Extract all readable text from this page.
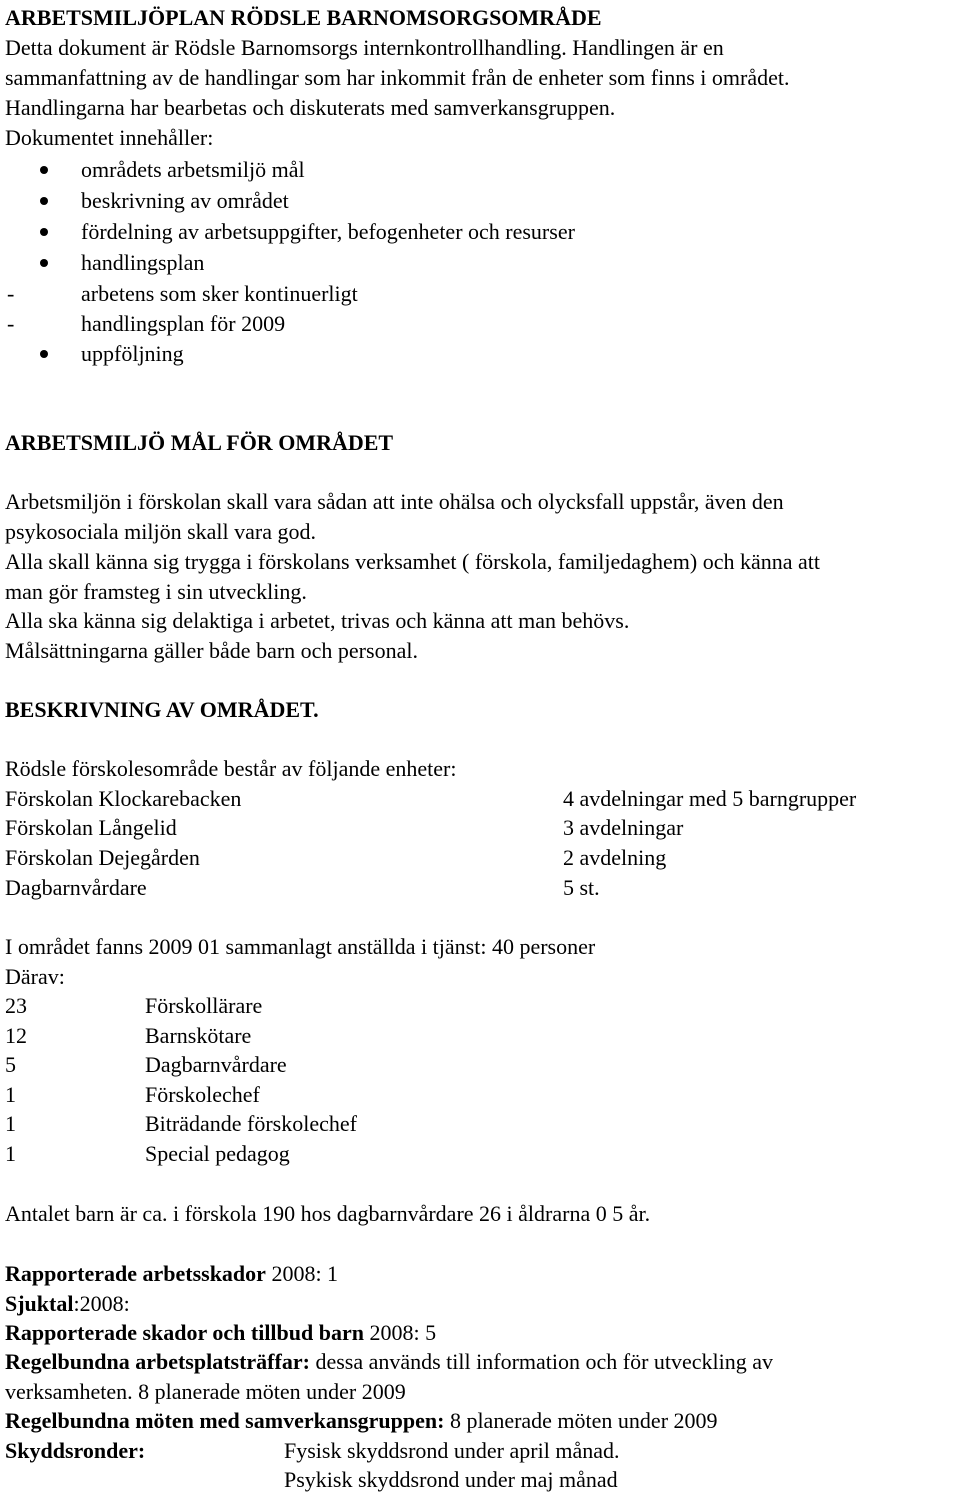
ARBETSMILJÖPLAN RÖDSLE BARNOMSORGSOMRÅDE
Detta dokument är Rödsle Barnomsorgs internkontrollhandling. Handlingen är en
sammanfattning av de handlingar som har inkommit från de enheter som finns i området.
Handlingarna har bearbetas och diskuterats med samverkansgruppen.
Dokumentet innehåller:
områdets arbetsmiljö mål
beskrivning av området
fördelning av arbetsuppgifter, befogenheter och resurser
handlingsplan
-	arbetens som sker kontinuerligt
-	handlingsplan för 2009
uppföljning
ARBETSMILJÖ MÅL FÖR OMRÅDET
Arbetsmiljön i förskolan skall vara sådan att inte ohälsa och olycksfall uppstår, även den
psykosociala miljön skall vara god.
Alla skall känna sig trygga i förskolans verksamhet ( förskola, familjedaghem) och känna att
man gör framsteg i sin utveckling.
Alla ska känna sig delaktiga i arbetet, trivas och känna att man behövs.
Målsättningarna gäller både barn och personal.
BESKRIVNING AV OMRÅDET.
Rödsle förskolesområde består av följande enheter:
Förskolan Klockarebacken	4 avdelningar med 5 barngrupper
Förskolan Långelid	3 avdelningar
Förskolan Dejegården	2 avdelning
Dagbarnvårdare	5 st.
I området fanns 2009 01 sammanlagt anställda i tjänst: 40 personer
Därav:
23	Förskollärare
12	Barnskötare
5	Dagbarnvårdare
1	Förskolechef
1	Biträdande förskolechef
1	Special pedagog
Antalet barn är ca. i förskola 190 hos dagbarnvårdare 26 i åldrarna 0 5 år.
Rapporterade arbetsskador 2008: 1
Sjuktal:2008:
Rapporterade skador och tillbud barn 2008: 5
Regelbundna arbetsplatsträffar: dessa används till information och för utveckling av
verksamheten. 8 planerade möten under 2009
Regelbundna möten med samverkansgruppen: 8 planerade möten under 2009
Skyddsronder:	Fysisk skyddsrond under april månad.
Psykisk skyddsrond under maj månad
